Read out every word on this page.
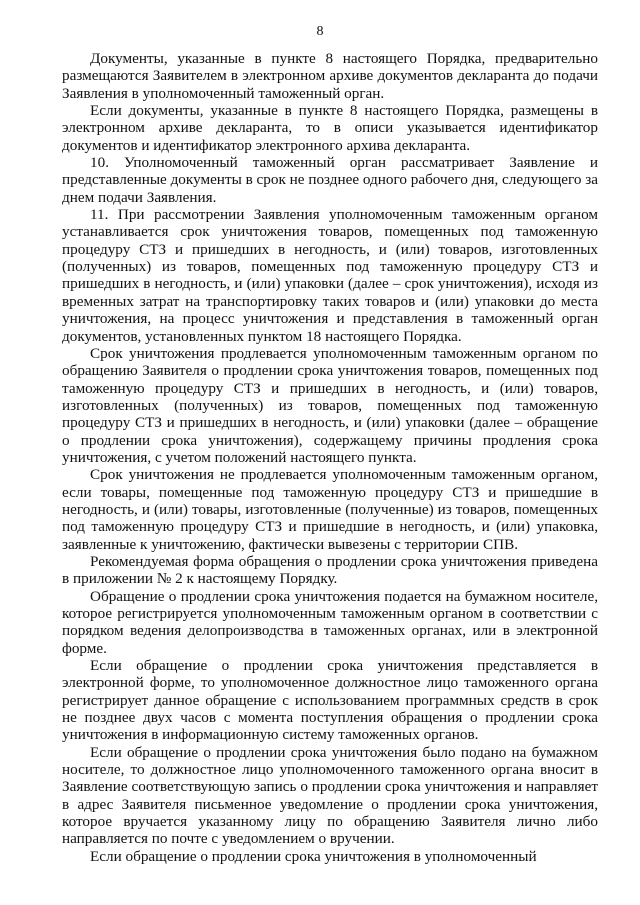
8

Документы, указанные в пункте 8 настоящего Порядка, предварительно размещаются Заявителем в электронном архиве документов декларанта до подачи Заявления в уполномоченный таможенный орган.

Если документы, указанные в пункте 8 настоящего Порядка, размещены в электронном архиве декларанта, то в описи указывается идентификатор документов и идентификатор электронного архива декларанта.

10. Уполномоченный таможенный орган рассматривает Заявление и представленные документы в срок не позднее одного рабочего дня, следующего за днем подачи Заявления.

11. При рассмотрении Заявления уполномоченным таможенным органом устанавливается срок уничтожения товаров, помещенных под таможенную процедуру СТЗ и пришедших в негодность, и (или) товаров, изготовленных (полученных) из товаров, помещенных под таможенную процедуру СТЗ и пришедших в негодность, и (или) упаковки (далее – срок уничтожения), исходя из временных затрат на транспортировку таких товаров и (или) упаковки до места уничтожения, на процесс уничтожения и представления в таможенный орган документов, установленных пунктом 18 настоящего Порядка.

Срок уничтожения продлевается уполномоченным таможенным органом по обращению Заявителя о продлении срока уничтожения товаров, помещенных под таможенную процедуру СТЗ и пришедших в негодность, и (или) товаров, изготовленных (полученных) из товаров, помещенных под таможенную процедуру СТЗ и пришедших в негодность, и (или) упаковки (далее – обращение о продлении срока уничтожения), содержащему причины продления срока уничтожения, с учетом положений настоящего пункта.

Срок уничтожения не продлевается уполномоченным таможенным органом, если товары, помещенные под таможенную процедуру СТЗ и пришедшие в негодность, и (или) товары, изготовленные (полученные) из товаров, помещенных под таможенную процедуру СТЗ и пришедшие в негодность, и (или) упаковка, заявленные к уничтожению, фактически вывезены с территории СПВ.

Рекомендуемая форма обращения о продлении срока уничтожения приведена в приложении № 2 к настоящему Порядку.

Обращение о продлении срока уничтожения подается на бумажном носителе, которое регистрируется уполномоченным таможенным органом в соответствии с порядком ведения делопроизводства в таможенных органах, или в электронной форме.

Если обращение о продлении срока уничтожения представляется в электронной форме, то уполномоченное должностное лицо таможенного органа регистрирует данное обращение с использованием программных средств в срок не позднее двух часов с момента поступления обращения о продлении срока уничтожения в информационную систему таможенных органов.

Если обращение о продлении срока уничтожения было подано на бумажном носителе, то должностное лицо уполномоченного таможенного органа вносит в Заявление соответствующую запись о продлении срока уничтожения и направляет в адрес Заявителя письменное уведомление о продлении срока уничтожения, которое вручается указанному лицу по обращению Заявителя лично либо направляется по почте с уведомлением о вручении.

Если обращение о продлении срока уничтожения в уполномоченный
